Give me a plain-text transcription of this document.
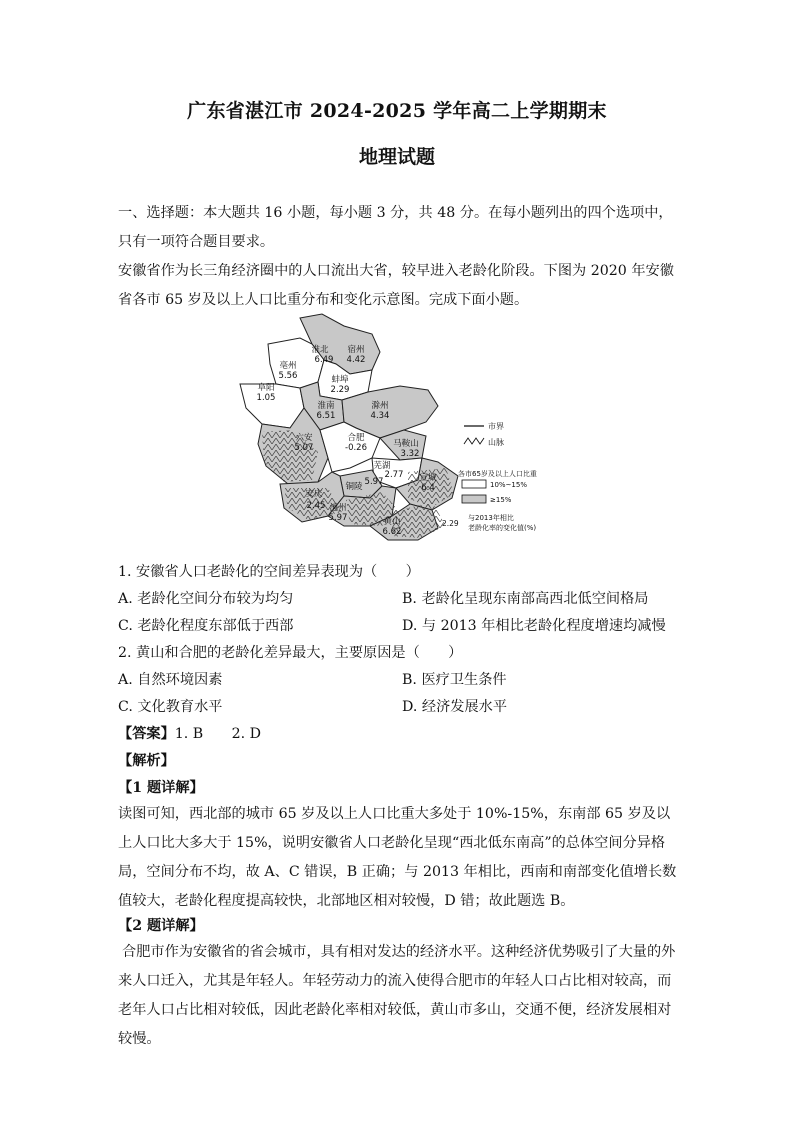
广东省湛江市 2024-2025 学年高二上学期期末
地理试题
一、选择题：本大题共 16 小题，每小题 3 分，共 48 分。在每小题列出的四个选项中，只有一项符合题目要求。
安徽省作为长三角经济圈中的人口流出大省，较早进入老龄化阶段。下图为 2020 年安徽省各市 65 岁及以上人口比重分布和变化示意图。完成下面小题。
淮北
6.49
宿州
4.42
亳州
5.56	蚌埠
2.29
阜阳
1.05
淮南
6.51
滁州
4.34
合肥
-0.26
六安
5.07	马鞍山
3.32
芜湖
2.77
铜陵 5.97	宣城
6.4
安庆
2.45 池州
5.97	黄山
6.62
市界
山脉
各市65岁及以上人口比重
10%~15%
≥15%
2.29
与2013年相比
老龄化率的变化值(%)
1. 安徽省人口老龄化的空间差异表现为（　　）
A. 老龄化空间分布较为均匀	B. 老龄化呈现东南部高西北低空间格局
C. 老龄化程度东部低于西部	D. 与 2013 年相比老龄化程度增速均减慢
2. 黄山和合肥的老龄化差异最大，主要原因是（　　）
A. 自然环境因素	B. 医疗卫生条件
C. 文化教育水平	D. 经济发展水平
【答案】1. B　　2. D
【解析】
【1 题详解】
读图可知，西北部的城市 65 岁及以上人口比重大多处于 10%-15%，东南部 65 岁及以上人口比大多大于 15%，说明安徽省人口老龄化呈现“西北低东南高”的总体空间分异格局，空间分布不均，故 A、C 错误，B 正确；与 2013 年相比，西南和南部变化值增长数值较大，老龄化程度提高较快，北部地区相对较慢，D 错；故此题选 B。
【2 题详解】
合肥市作为安徽省的省会城市，具有相对发达的经济水平。这种经济优势吸引了大量的外来人口迁入，尤其是年轻人。年轻劳动力的流入使得合肥市的年轻人口占比相对较高，而老年人口占比相对较低，因此老龄化率相对较低，黄山市多山，交通不便，经济发展相对较慢。
